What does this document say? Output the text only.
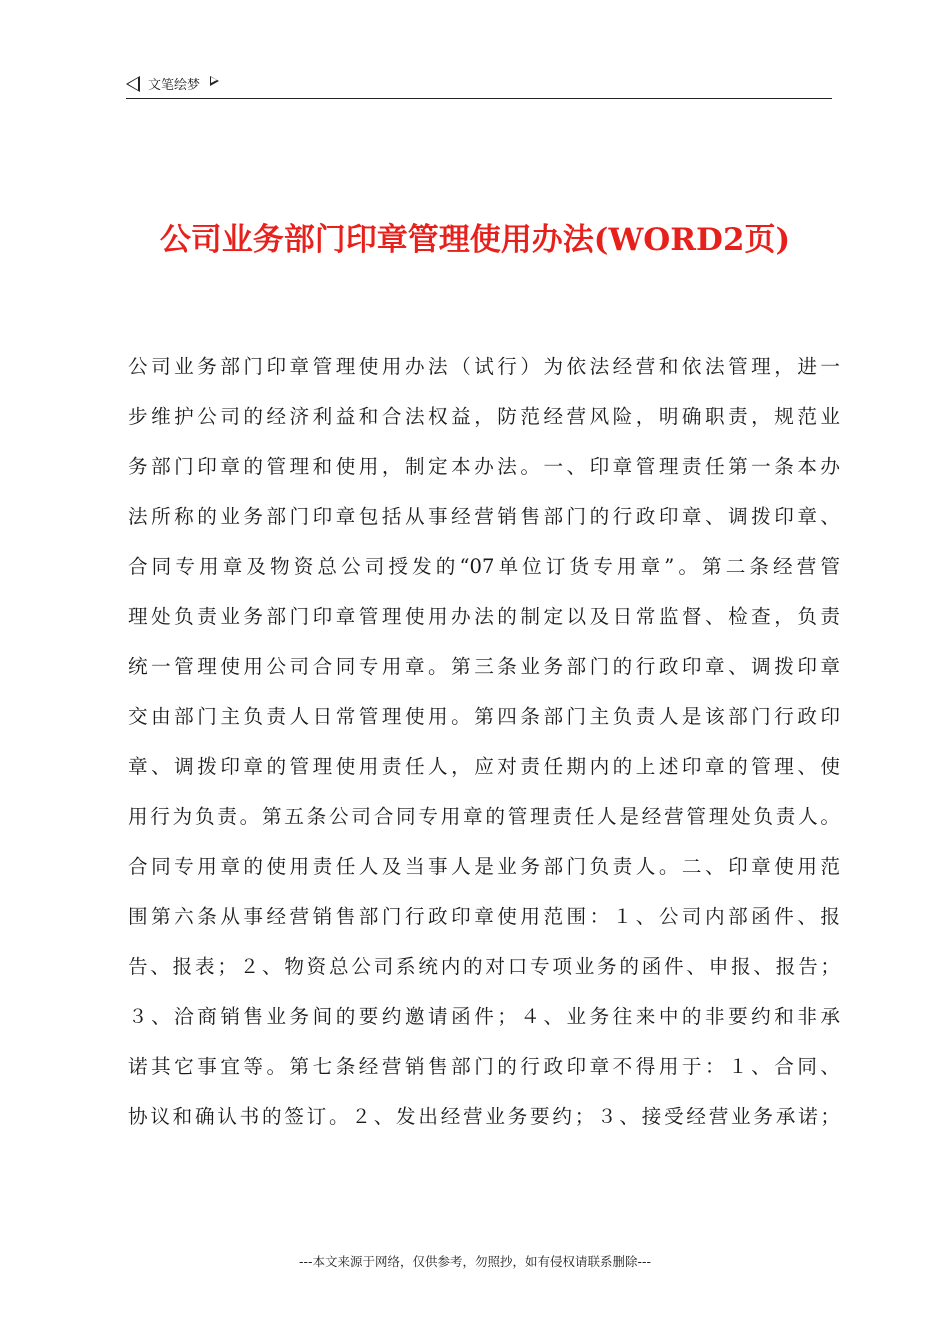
文笔绘梦
公司业务部门印章管理使用办法(WORD2页)
公司业务部门印章管理使用办法（试行）为依法经营和依法管理，进一
步维护公司的经济利益和合法权益，防范经营风险，明确职责，规范业
务部门印章的管理和使用，制定本办法。一、印章管理责任第一条本办
法所称的业务部门印章包括从事经营销售部门的行政印章、调拨印章、
合同专用章及物资总公司授发的“07单位订货专用章”。第二条经营管
理处负责业务部门印章管理使用办法的制定以及日常监督、检查，负责
统一管理使用公司合同专用章。第三条业务部门的行政印章、调拨印章
交由部门主负责人日常管理使用。第四条部门主负责人是该部门行政印
章、调拨印章的管理使用责任人，应对责任期内的上述印章的管理、使
用行为负责。第五条公司合同专用章的管理责任人是经营管理处负责人。
合同专用章的使用责任人及当事人是业务部门负责人。二、印章使用范
围第六条从事经营销售部门行政印章使用范围：１、公司内部函件、报
告、报表；２、物资总公司系统内的对口专项业务的函件、申报、报告；
３、洽商销售业务间的要约邀请函件；４、业务往来中的非要约和非承
诺其它事宜等。第七条经营销售部门的行政印章不得用于：１、合同、
协议和确认书的签订。２、发出经营业务要约；３、接受经营业务承诺；
---本文来源于网络，仅供参考，勿照抄，如有侵权请联系删除---
